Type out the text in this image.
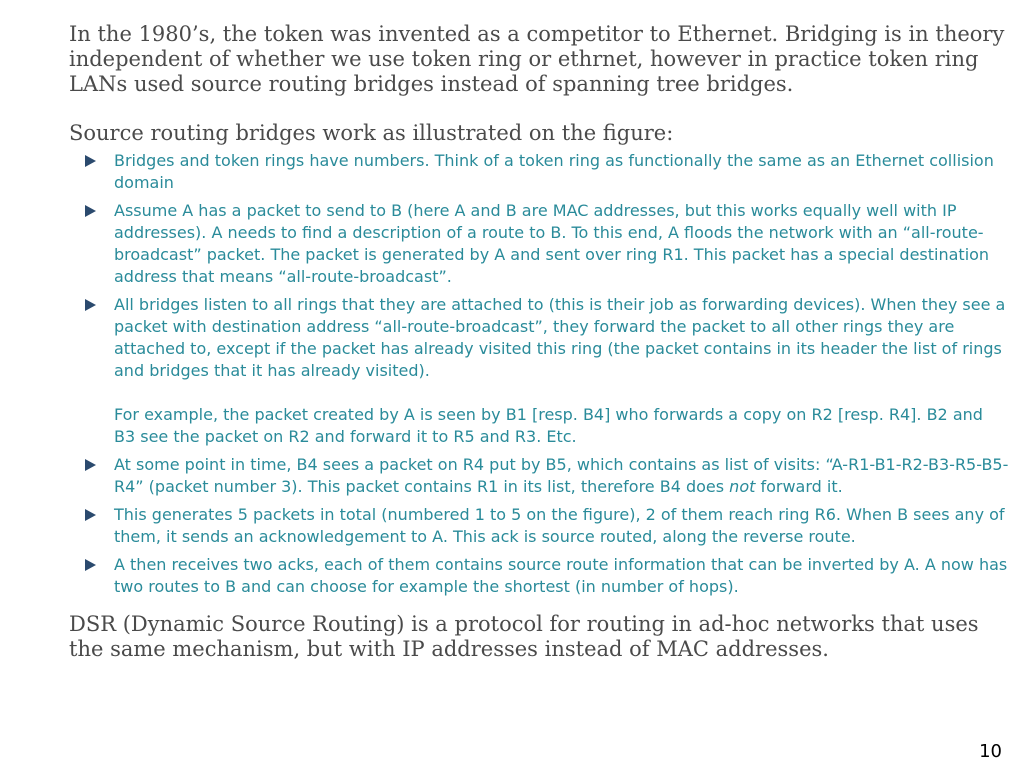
In the 1980’s, the token was invented as a competitor to Ethernet. Bridging is in theory independent of whether we use token ring or ethrnet, however in practice token ring LANs used source routing bridges instead of spanning tree bridges.

Source routing bridges work as illustrated on the figure:

Bridges and token rings have numbers. Think of a token ring as functionally the same as an Ethernet collision domain

Assume A has a packet to send to B (here A and B are MAC addresses, but this works equally well with IP addresses). A needs to find a description of a route to B. To this end, A floods the network with an “all-route-broadcast” packet. The packet is generated by A and sent over ring R1. This packet has a special destination address that means “all-route-broadcast”.

All bridges listen to all rings that they are attached to (this is their job as forwarding devices). When they see a packet with destination address “all-route-broadcast”, they forward the packet to all other rings they are attached to, except if the packet has already visited this ring (the packet contains in its header the list of rings and bridges that it has already visited).

For example, the packet created by A is seen by B1 [resp. B4] who forwards a copy on R2 [resp. R4]. B2 and B3 see the packet on R2 and forward it to R5 and R3. Etc.

At some point in time, B4 sees a packet on R4 put by B5, which contains as list of visits: “A-R1-B1-R2-B3-R5-B5-R4” (packet number 3). This packet contains R1 in its list, therefore B4 does not forward it.

This generates 5 packets in total (numbered 1 to 5 on the figure), 2 of them reach ring R6. When B sees any of them, it sends an acknowledgement to A. This ack is source routed, along the reverse route.

A then receives two acks, each of them contains source route information that can be inverted by A. A now has two routes to B and can choose for example the shortest (in number of hops).

DSR (Dynamic Source Routing) is a protocol for routing in ad-hoc networks that uses the same mechanism, but with IP addresses instead of MAC addresses.

10
